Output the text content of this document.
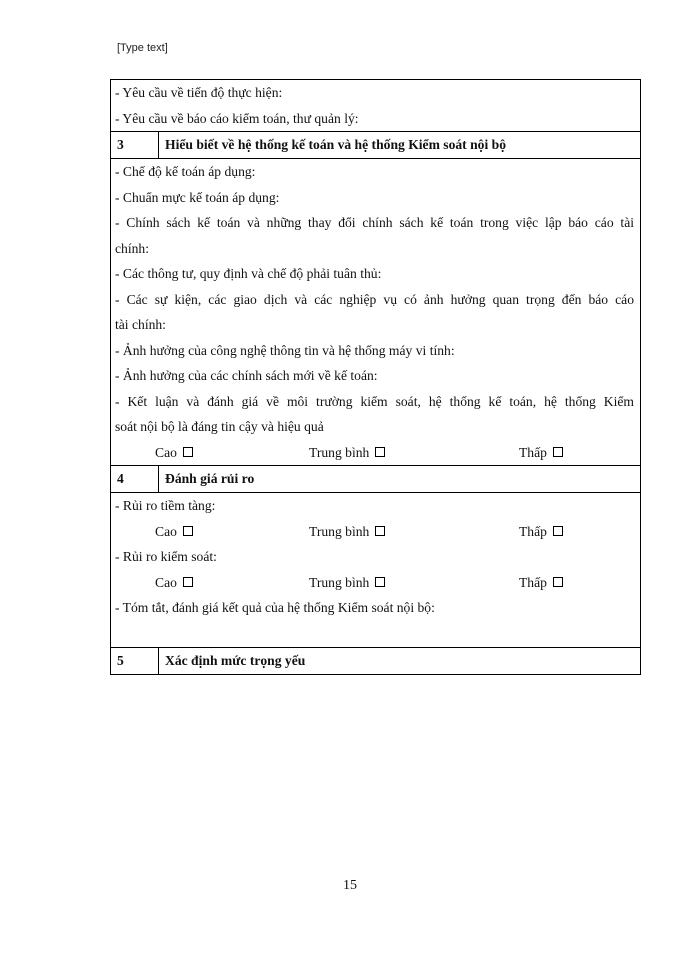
[Type text]
- Yêu cầu về tiến độ thực hiện:
- Yêu cầu về báo cáo kiểm toán, thư quản lý:
3	Hiểu biết về hệ thống kế toán và hệ thống Kiểm soát nội bộ
- Chế độ kế toán áp dụng:
- Chuẩn mực kế toán áp dụng:
- Chính sách kế toán và những thay đổi chính sách kế toán trong việc lập báo cáo tài
chính:
- Các thông tư, quy định và chế độ phải tuân thủ:
- Các sự kiện, các giao dịch và các nghiệp vụ có ảnh hưởng quan trọng đến báo cáo
tài chính:
- Ảnh hưởng của công nghệ thông tin và hệ thống máy vi tính:
- Ảnh hưởng của các chính sách mới về kế toán:
- Kết luận và đánh giá về môi trường kiểm soát, hệ thống kế toán, hệ thống Kiểm
soát nội bộ là đáng tin cậy và hiệu quả
Cao	Trung bình	Thấp
4	Đánh giá rủi ro
- Rủi ro tiềm tàng:
Cao	Trung bình	Thấp
- Rủi ro kiểm soát:
Cao	Trung bình	Thấp
- Tóm tắt, đánh giá kết quả của hệ thống Kiểm soát nội bộ:
5	Xác định mức trọng yếu
15
